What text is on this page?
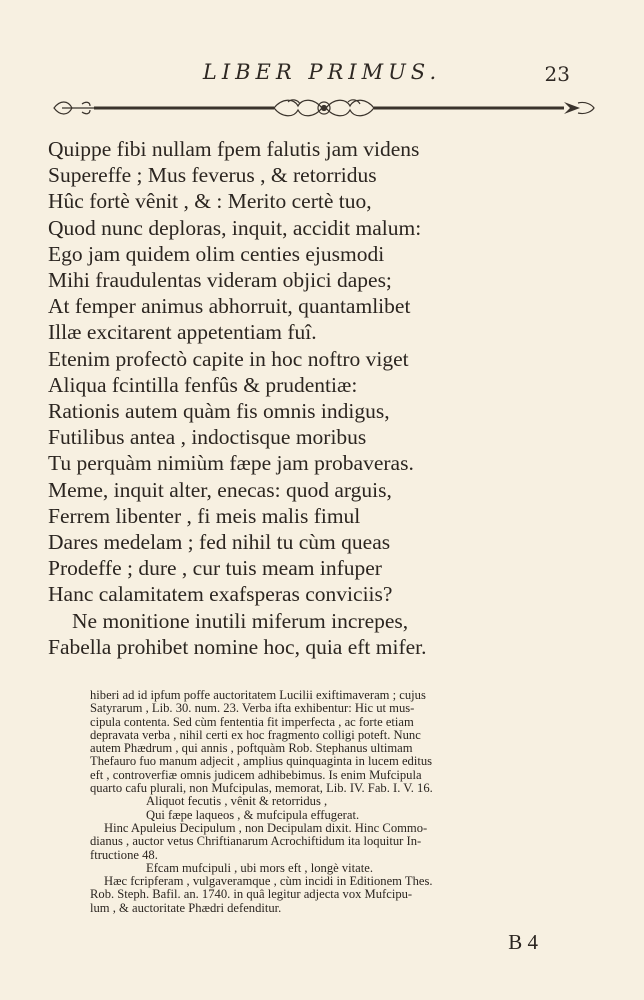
LIBER PRIMUS.	23
Quippe fibi nullam fpem falutis jam videns
Supereffe ; Mus feverus , & retorridus
Hûc fortè vênit , & : Merito certè tuo,
Quod nunc deploras, inquit, accidit malum:
Ego jam quidem olim centies ejusmodi
Mihi fraudulentas videram objici dapes;
At femper animus abhorruit, quantamlibet
Illæ excitarent appetentiam fuî.
Etenim profectò capite in hoc noftro viget
Aliqua fcintilla fenfûs & prudentiæ:
Rationis autem quàm fis omnis indigus,
Futilibus antea , indoctisque moribus
Tu perquàm nimiùm fæpe jam probaveras.
Meme, inquit alter, enecas: quod arguis,
Ferrem libenter , fi meis malis fimul
Dares medelam ; fed nihil tu cùm queas
Prodeffe ; dure , cur tuis meam infuper
Hanc calamitatem exafsperas conviciis?
Ne monitione inutili miferum increpes,
Fabella prohibet nomine hoc, quia eft mifer.
hiberi ad id ipfum poffe auctoritatem Lucilii exiftimaveram ; cujus
Satyrarum , Lib. 30. num. 23. Verba ifta exhibentur: Hic ut mus-
cipula contenta. Sed cùm fententia fit imperfecta , ac forte etiam
depravata verba , nihil certi ex hoc fragmento colligi poteft. Nunc
autem Phædrum , qui annis , poftquàm Rob. Stephanus ultimam
Thefauro fuo manum adjecit , amplius quinquaginta in lucem editus
eft , controverfiæ omnis judicem adhibebimus. Is enim Mufcipula
quarto cafu plurali, non Mufcipulas, memorat, Lib. IV. Fab. I. V. 16.
Aliquot fecutis , vênit & retorridus ,
Qui fæpe laqueos , & mufcipula effugerat.
Hinc Apuleius Decipulum , non Decipulam dixit. Hinc Commo-
dianus , auctor vetus Chriftianarum Acrochiftidum ita loquitur In-
ftructione 48.
Efcam mufcipuli , ubi mors eft , longè vitate.
Hæc fcripferam , vulgaveramque , cùm incidi in Editionem Thes.
Rob. Steph. Bafil. an. 1740. in quâ legitur adjecta vox Mufcipu-
lum , & auctoritate Phædri defenditur.
B 4
